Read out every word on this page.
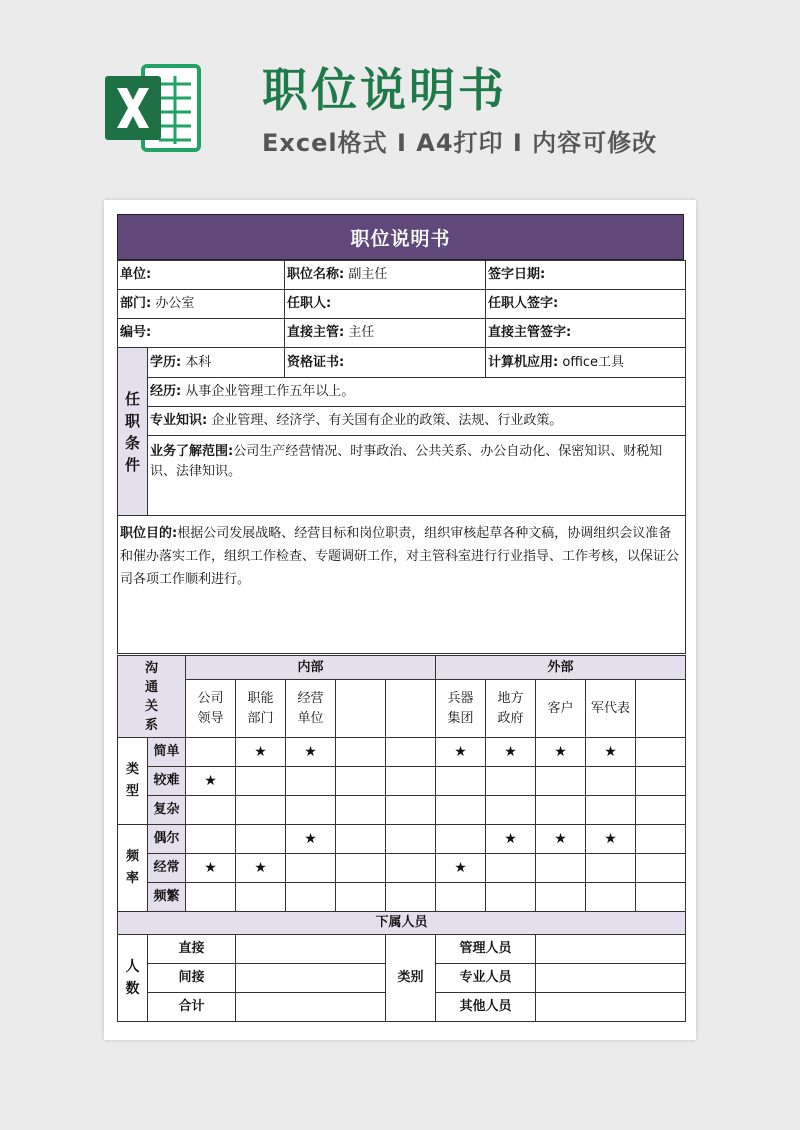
职位说明书

Excel格式 I A4打印 I 内容可修改

职位说明书
单位:		职位名称: 副主任	签字日期:
部门: 办公室		任职人:	任职人签字:
编号:		直接主管: 主任	直接主管签字:

任职条件	学历: 本科	资格证书:	计算机应用: office工具
	经历: 从事企业管理工作五年以上。		
	专业知识: 企业管理、经济学、有关国有企业的政策、法规、行业政策。		
	业务了解范围:公司生产经营情况、时事政治、公共关系、办公自动化、保密知识、财税知识、法律知识。		
职位目的:根据公司发展战略、经营目标和岗位职责，组织审核起草各种文稿，协调组织会议准备和催办落实工作，组织工作检查、专题调研工作，对主管科室进行行业指导、工作考核，以保证公司各项工作顺利进行。			
沟通关系		内部					外部				

		公司领导	职能部门	经营单位			兵器集团	地方政府	客户	军代表	

类型	简单		★	★			★	★	★	★	
	较难	★									
	复杂										

频率	偶尔			★				★	★	★	
	经常	★	★				★				
	频繁										
下属人员											

人数	直接					类别	管理人员				
	间接						专业人员				
	合计						其他人员				
